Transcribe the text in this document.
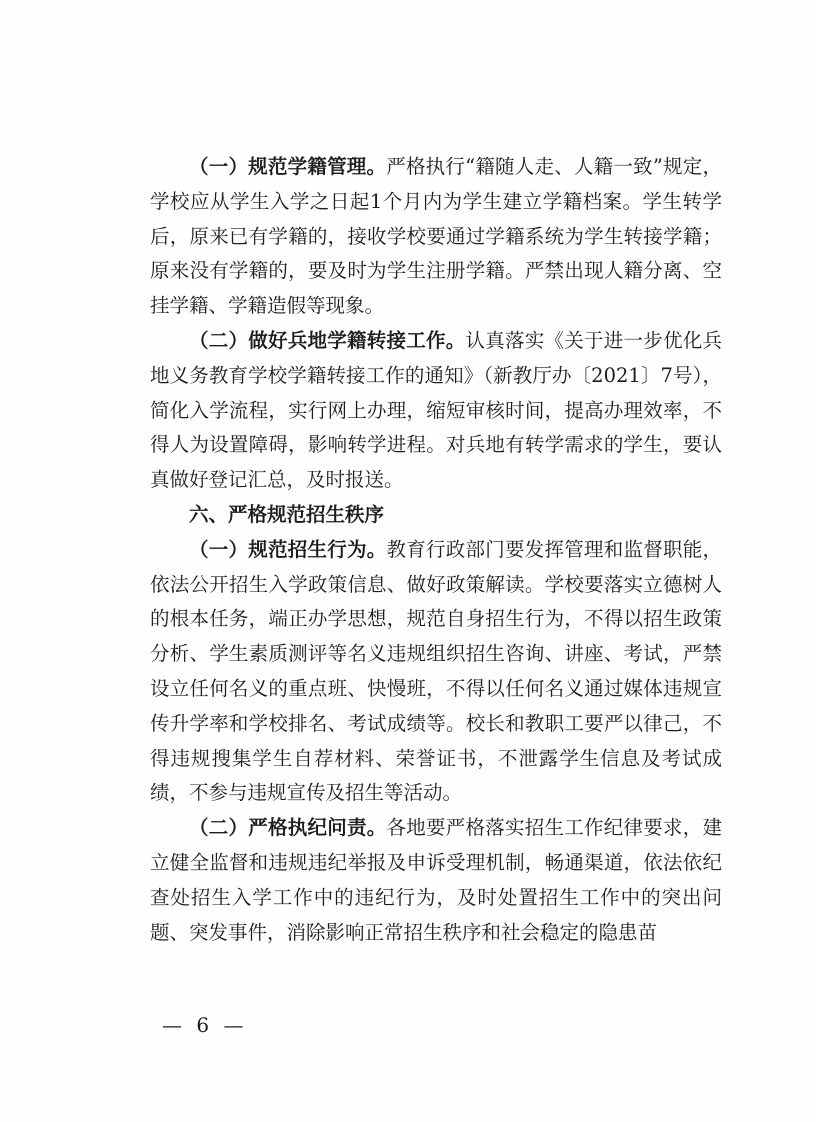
（一）规范学籍管理。严格执行“籍随人走、人籍一致”规定，学校应从学生入学之日起1个月内为学生建立学籍档案。学生转学后，原来已有学籍的，接收学校要通过学籍系统为学生转接学籍；原来没有学籍的，要及时为学生注册学籍。严禁出现人籍分离、空挂学籍、学籍造假等现象。

（二）做好兵地学籍转接工作。认真落实《关于进一步优化兵地义务教育学校学籍转接工作的通知》（新教厅办〔2021〕7号），简化入学流程，实行网上办理，缩短审核时间，提高办理效率，不得人为设置障碍，影响转学进程。对兵地有转学需求的学生，要认真做好登记汇总，及时报送。

六、严格规范招生秩序

（一）规范招生行为。教育行政部门要发挥管理和监督职能，依法公开招生入学政策信息、做好政策解读。学校要落实立德树人的根本任务，端正办学思想，规范自身招生行为，不得以招生政策分析、学生素质测评等名义违规组织招生咨询、讲座、考试，严禁设立任何名义的重点班、快慢班，不得以任何名义通过媒体违规宣传升学率和学校排名、考试成绩等。校长和教职工要严以律己，不得违规搜集学生自荐材料、荣誉证书，不泄露学生信息及考试成绩，不参与违规宣传及招生等活动。

（二）严格执纪问责。各地要严格落实招生工作纪律要求，建立健全监督和违规违纪举报及申诉受理机制，畅通渠道，依法依纪查处招生入学工作中的违纪行为，及时处置招生工作中的突出问题、突发事件，消除影响正常招生秩序和社会稳定的隐患苗

— 6 —
